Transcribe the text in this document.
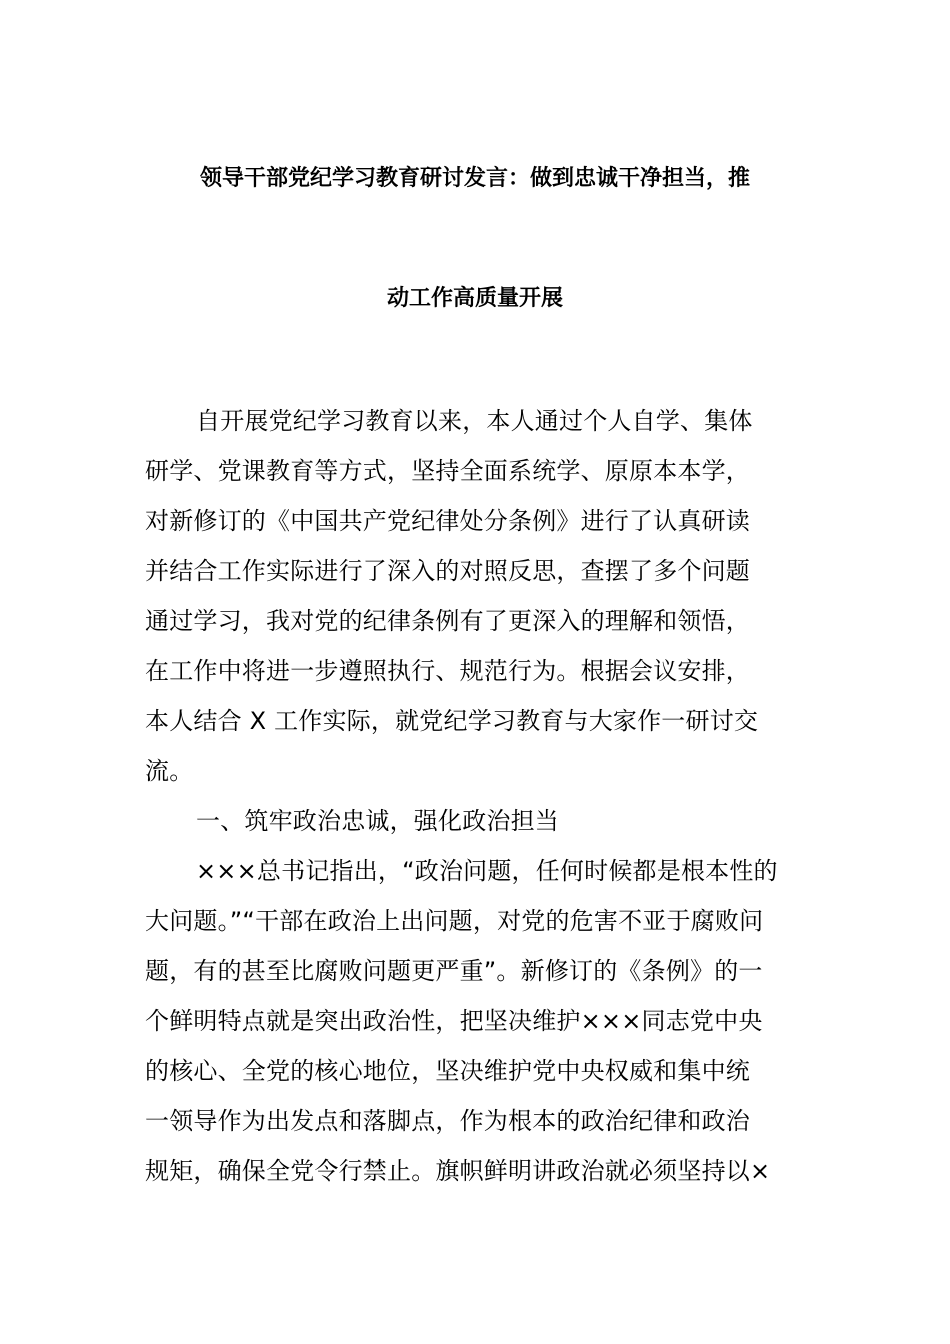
领导干部党纪学习教育研讨发言：做到忠诚干净担当，推
动工作高质量开展
自开展党纪学习教育以来，本人通过个人自学、集体
研学、党课教育等方式，坚持全面系统学、原原本本学，
对新修订的《中国共产党纪律处分条例》进行了认真研读
并结合工作实际进行了深入的对照反思，查摆了多个问题
通过学习，我对党的纪律条例有了更深入的理解和领悟，
在工作中将进一步遵照执行、规范行为。根据会议安排，
本人结合 X 工作实际，就党纪学习教育与大家作一研讨交
流。
一、筑牢政治忠诚，强化政治担当
×××总书记指出，“政治问题，任何时候都是根本性的
大问题。”“干部在政治上出问题，对党的危害不亚于腐败问
题，有的甚至比腐败问题更严重”。新修订的《条例》的一
个鲜明特点就是突出政治性，把坚决维护×××同志党中央
的核心、全党的核心地位，坚决维护党中央权威和集中统
一领导作为出发点和落脚点，作为根本的政治纪律和政治
规矩，确保全党令行禁止。旗帜鲜明讲政治就必须坚持以×
